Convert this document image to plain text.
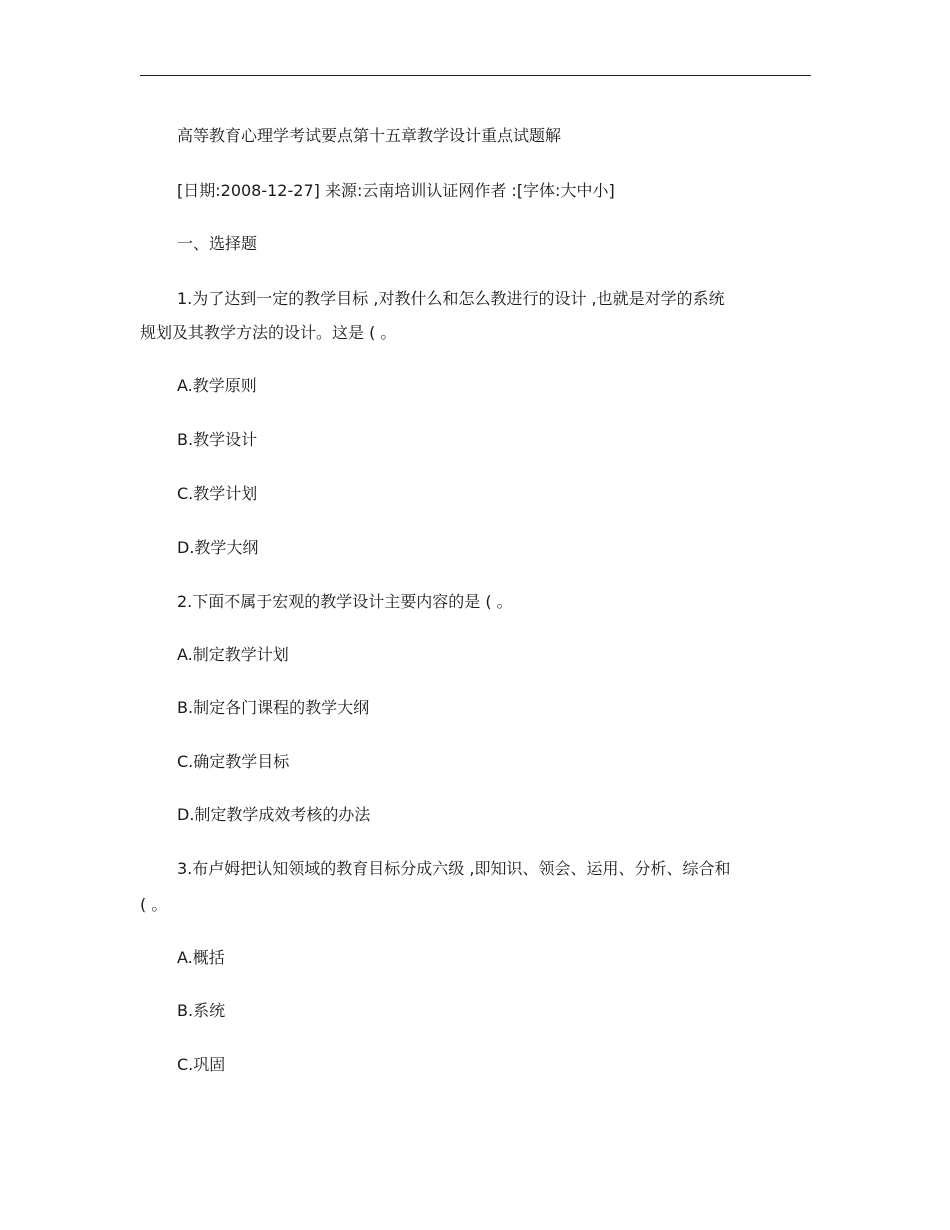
高等教育心理学考试要点第十五章教学设计重点试题解
[日期:2008-12-27] 来源:云南培训认证网作者 :[字体:大中小]
一、选择题
1.为了达到一定的教学目标 ,对教什么和怎么教进行的设计 ,也就是对学的系统
规划及其教学方法的设计。这是 ( 。
A.教学原则
B.教学设计
C.教学计划
D.教学大纲
2.下面不属于宏观的教学设计主要内容的是 ( 。
A.制定教学计划
B.制定各门课程的教学大纲
C.确定教学目标
D.制定教学成效考核的办法
3.布卢姆把认知领域的教育目标分成六级 ,即知识、领会、运用、分析、综合和
( 。
A.概括
B.系统
C.巩固
